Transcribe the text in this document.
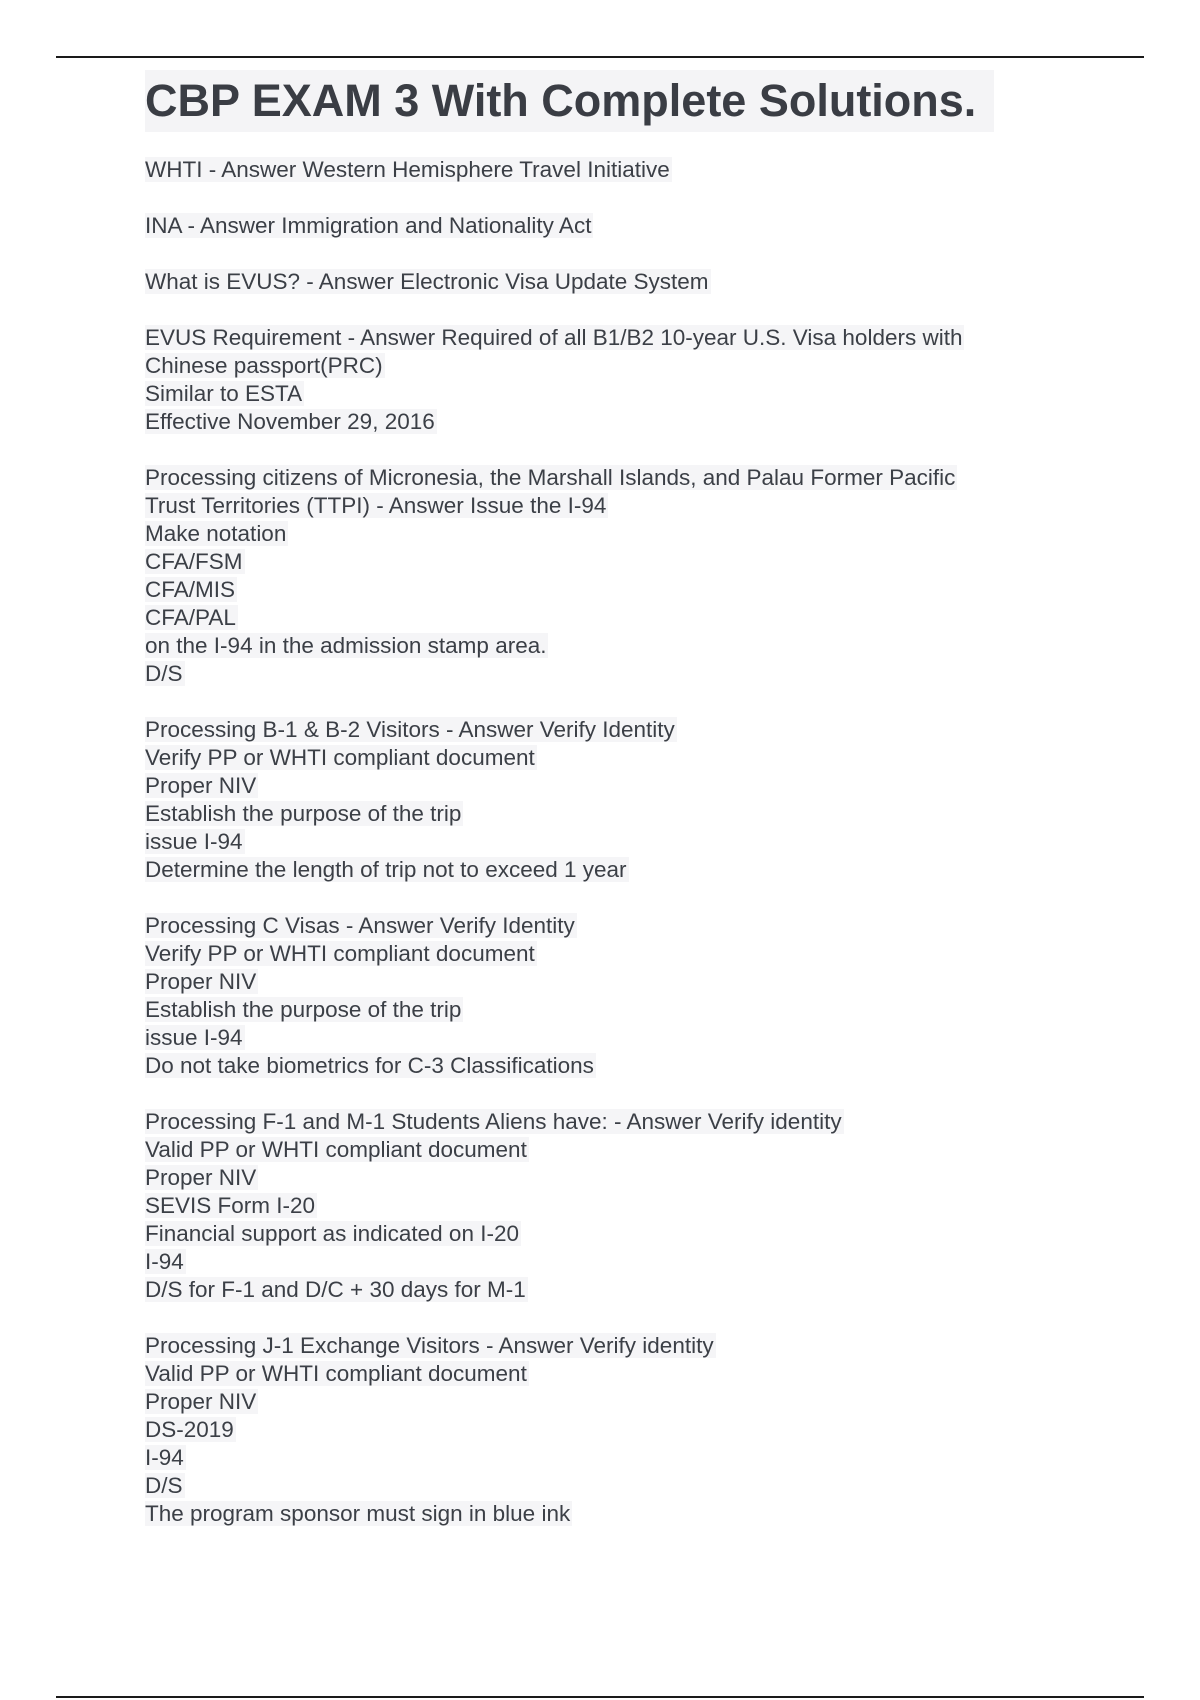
CBP EXAM 3 With Complete Solutions.
WHTI - Answer Western Hemisphere Travel Initiative
INA - Answer Immigration and Nationality Act
What is EVUS? - Answer Electronic Visa Update System
EVUS Requirement - Answer Required of all B1/B2 10-year U.S. Visa holders with
Chinese passport(PRC)
Similar to ESTA
Effective November 29, 2016
Processing citizens of Micronesia, the Marshall Islands, and Palau Former Pacific
Trust Territories (TTPI) - Answer Issue the I-94
Make notation
CFA/FSM
CFA/MIS
CFA/PAL
on the I-94 in the admission stamp area.
D/S
Processing B-1 & B-2 Visitors - Answer Verify Identity
Verify PP or WHTI compliant document
Proper NIV
Establish the purpose of the trip
issue I-94
Determine the length of trip not to exceed 1 year
Processing C Visas - Answer Verify Identity
Verify PP or WHTI compliant document
Proper NIV
Establish the purpose of the trip
issue I-94
Do not take biometrics for C-3 Classifications
Processing F-1 and M-1 Students Aliens have: - Answer Verify identity
Valid PP or WHTI compliant document
Proper NIV
SEVIS Form I-20
Financial support as indicated on I-20
I-94
D/S for F-1 and D/C + 30 days for M-1
Processing J-1 Exchange Visitors - Answer Verify identity
Valid PP or WHTI compliant document
Proper NIV
DS-2019
I-94
D/S
The program sponsor must sign in blue ink
